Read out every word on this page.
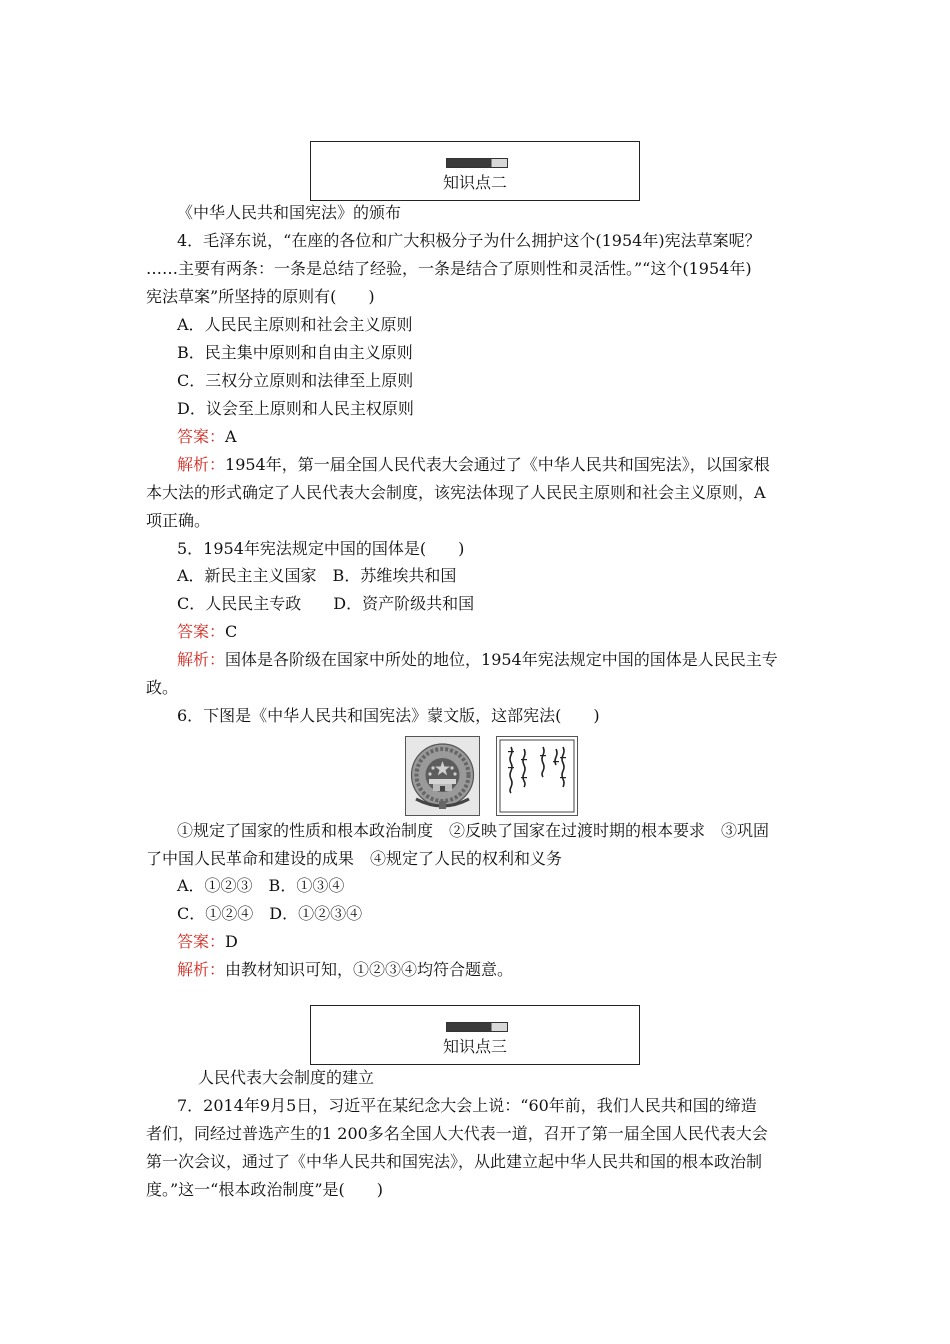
知识点二
《中华人民共和国宪法》的颁布
4．毛泽东说，“在座的各位和广大积极分子为什么拥护这个(1954年)宪法草案呢？
……主要有两条：一条是总结了经验，一条是结合了原则性和灵活性。”“这个(1954年)
宪法草案”所坚持的原则有(　　)
A．人民民主原则和社会主义原则
B．民主集中原则和自由主义原则
C．三权分立原则和法律至上原则
D．议会至上原则和人民主权原则
答案：A
解析：1954年，第一届全国人民代表大会通过了《中华人民共和国宪法》，以国家根
本大法的形式确定了人民代表大会制度，该宪法体现了人民民主原则和社会主义原则，A
项正确。
5．1954年宪法规定中国的国体是(　　)
A．新民主主义国家　B．苏维埃共和国
C．人民民主专政　　D．资产阶级共和国
答案：C
解析：国体是各阶级在国家中所处的地位，1954年宪法规定中国的国体是人民民主专
政。
6．下图是《中华人民共和国宪法》蒙文版，这部宪法(　　)
①规定了国家的性质和根本政治制度　②反映了国家在过渡时期的根本要求　③巩固
了中国人民革命和建设的成果　④规定了人民的权利和义务
A．①②③　B．①③④
C．①②④　D．①②③④
答案：D
解析：由教材知识可知，①②③④均符合题意。
知识点三
人民代表大会制度的建立
7．2014年9月5日，习近平在某纪念大会上说：“60年前，我们人民共和国的缔造
者们，同经过普选产生的1 200多名全国人大代表一道，召开了第一届全国人民代表大会
第一次会议，通过了《中华人民共和国宪法》，从此建立起中华人民共和国的根本政治制
度。”这一“根本政治制度”是(　　)
